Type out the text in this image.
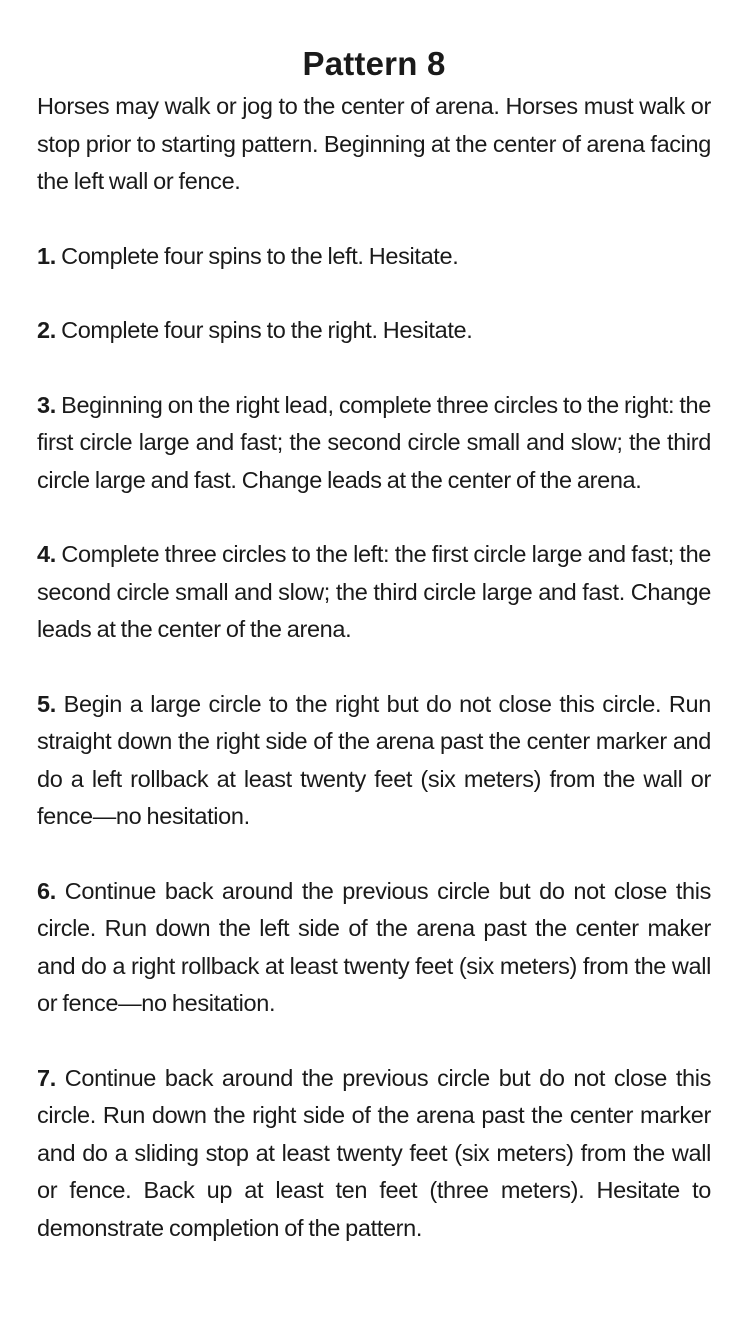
Pattern 8

Horses may walk or jog to the center of arena. Horses must walk or stop prior to starting pattern. Beginning at the center of arena facing the left wall or fence.

1. Complete four spins to the left. Hesitate.

2. Complete four spins to the right. Hesitate.

3. Beginning on the right lead, complete three circles to the right: the first circle large and fast; the second circle small and slow; the third circle large and fast. Change leads at the center of the arena.

4. Complete three circles to the left: the first circle large and fast; the second circle small and slow; the third circle large and fast. Change leads at the center of the arena.

5. Begin a large circle to the right but do not close this circle. Run straight down the right side of the arena past the center marker and do a left rollback at least twenty feet (six meters) from the wall or fence—no hesitation.

6. Continue back around the previous circle but do not close this circle. Run down the left side of the arena past the center maker and do a right rollback at least twenty feet (six meters) from the wall or fence—no hesitation.

7. Continue back around the previous circle but do not close this circle. Run down the right side of the arena past the center marker and do a sliding stop at least twenty feet (six meters) from the wall or fence. Back up at least ten feet (three meters). Hesitate to demonstrate completion of the pattern.
